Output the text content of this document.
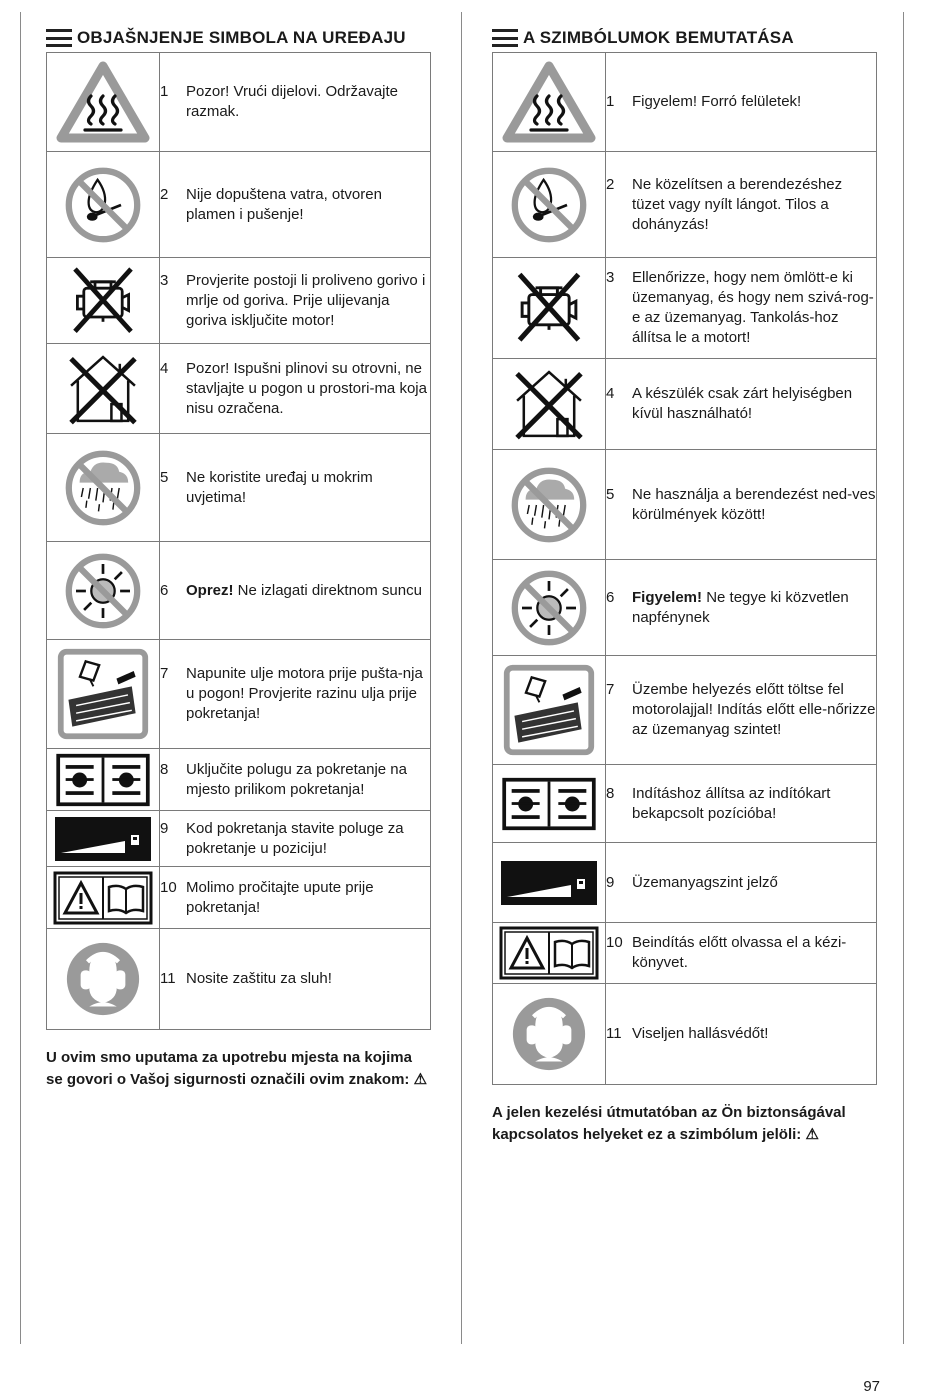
OBJAŠNJENJE SIMBOLA NA UREĐAJU

1 Pozor! Vrući dijelovi. Održavajte razmak.

2 Nije dopuštena vatra, otvoren plamen i pušenje!

3 Provjerite postoji li proliveno gorivo i mrlje od goriva. Prije ulijevanja goriva isključite motor!

4 Pozor! Ispušni plinovi su otrovni, ne stavljajte u pogon u prostori-ma koja nisu ozračena.

5 Ne koristite uređaj u mokrim uvjetima!

6 Oprez! Ne izlagati direktnom suncu

7 Napunite ulje motora prije pušta-nja u pogon! Provjerite razinu ulja prije pokretanja!

8 Uključite polugu za pokretanje na mjesto prilikom pokretanja!

9 Kod pokretanja stavite poluge za pokretanje u poziciju!

10 Molimo pročitajte upute prije pokretanja!

11 Nosite zaštitu za sluh!
U ovim smo uputama za upotrebu mjesta na kojima se govori o Vašoj sigurnosti označili ovim znakom: ⚠
A SZIMBÓLUMOK BEMUTATÁSA

1 Figyelem! Forró felületek!

2 Ne közelítsen a berendezéshez tüzet vagy nyílt lángot. Tilos a dohányzás!

3 Ellenőrizze, hogy nem ömlött-e ki üzemanyag, és hogy nem szivá-rog-e az üzemanyag. Tankolás-hoz állítsa le a motort!

4 A készülék csak zárt helyiségben kívül használható!

5 Ne használja a berendezést ned-ves körülmények között!

6 Figyelem! Ne tegye ki közvetlen napfénynek

7 Üzembe helyezés előtt töltse fel motorolajjal! Indítás előtt elle-nőrizze az üzemanyag szintet!

8 Indításhoz állítsa az indítókart bekapcsolt pozícióba!

9 Üzemanyagszint jelző

10 Beindítás előtt olvassa el a kézi-könyvet.

11 Viseljen hallásvédőt!
A jelen kezelési útmutatóban az Ön biztonságával kapcsolatos helyeket ez a szimbólum jelöli: ⚠
97
